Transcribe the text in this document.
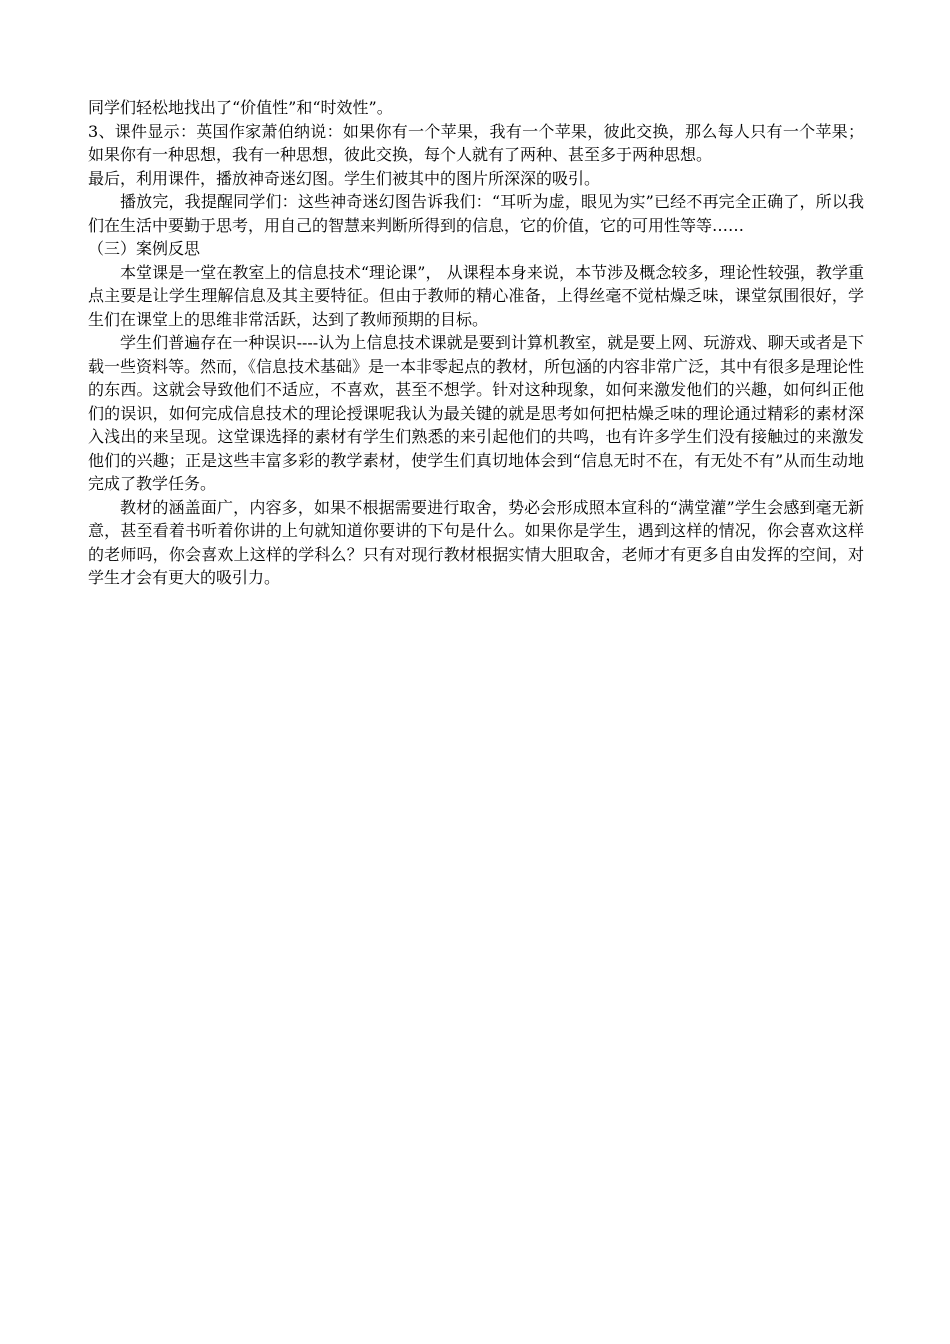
同学们轻松地找出了“价值性”和“时效性”。

3、课件显示：英国作家萧伯纳说：如果你有一个苹果，我有一个苹果，彼此交换，那么每人只有一个苹果；如果你有一种思想，我有一种思想，彼此交换，每个人就有了两种、甚至多于两种思想。

最后，利用课件，播放神奇迷幻图。学生们被其中的图片所深深的吸引。

播放完，我提醒同学们：这些神奇迷幻图告诉我们：“耳听为虚，眼见为实”已经不再完全正确了，所以我们在生活中要勤于思考，用自己的智慧来判断所得到的信息，它的价值，它的可用性等等……

（三）案例反思

本堂课是一堂在教室上的信息技术“理论课”， 从课程本身来说，本节涉及概念较多，理论性较强，教学重点主要是让学生理解信息及其主要特征。但由于教师的精心准备，上得丝毫不觉枯燥乏味，课堂氛围很好，学生们在课堂上的思维非常活跃，达到了教师预期的目标。

学生们普遍存在一种误识----认为上信息技术课就是要到计算机教室，就是要上网、玩游戏、聊天或者是下载一些资料等。然而，《信息技术基础》是一本非零起点的教材，所包涵的内容非常广泛，其中有很多是理论性的东西。这就会导致他们不适应，不喜欢，甚至不想学。针对这种现象，如何来激发他们的兴趣，如何纠正他们的误识，如何完成信息技术的理论授课呢我认为最关键的就是思考如何把枯燥乏味的理论通过精彩的素材深入浅出的来呈现。这堂课选择的素材有学生们熟悉的来引起他们的共鸣，也有许多学生们没有接触过的来激发他们的兴趣；正是这些丰富多彩的教学素材，使学生们真切地体会到“信息无时不在，有无处不有”从而生动地完成了教学任务。

教材的涵盖面广，内容多，如果不根据需要进行取舍，势必会形成照本宣科的“满堂灌”学生会感到毫无新意，甚至看着书听着你讲的上句就知道你要讲的下句是什么。如果你是学生，遇到这样的情况，你会喜欢这样的老师吗，你会喜欢上这样的学科么？只有对现行教材根据实情大胆取舍，老师才有更多自由发挥的空间，对学生才会有更大的吸引力。
